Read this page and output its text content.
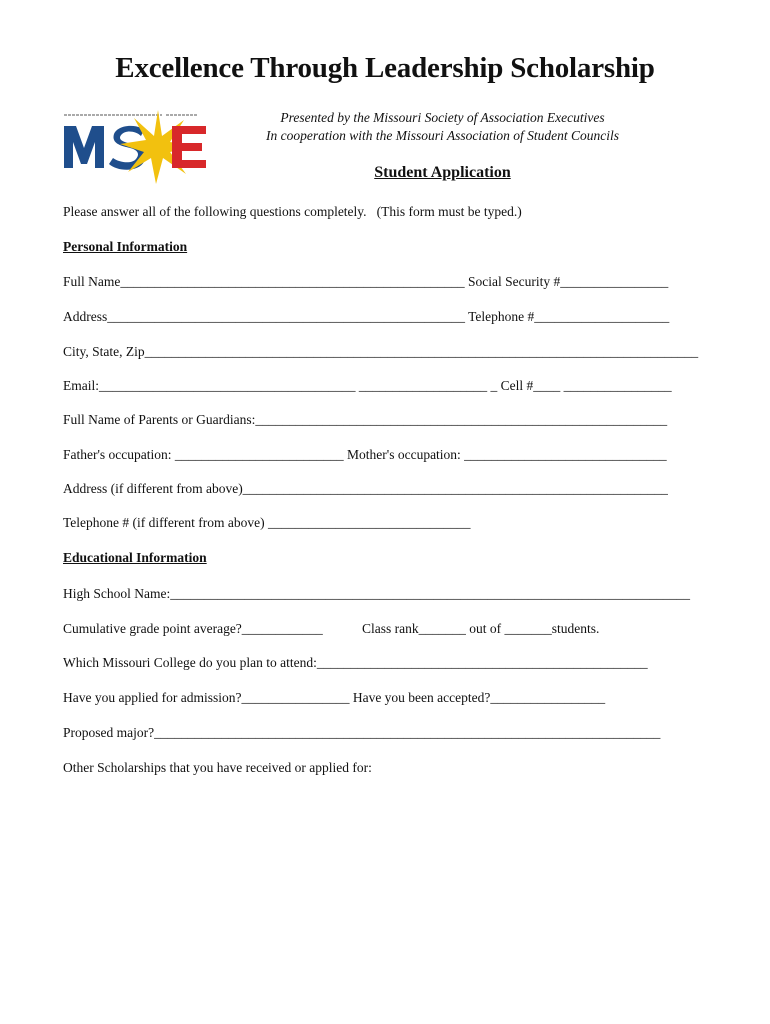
Excellence Through Leadership Scholarship
Presented by the Missouri Society of Association Executives
In cooperation with the Missouri Association of Student Councils
Student Application
Please answer all of the following questions completely.   (This form must be typed.)
Personal Information
Full Name___________________________________________________ Social Security #________________
Address_____________________________________________________ Telephone #____________________
City, State, Zip__________________________________________________________________________________
Email:______________________________________ ___________________ _ Cell #____ ________________
Full Name of Parents or Guardians:_____________________________________________________________
Father's occupation: _________________________ Mother's occupation: ______________________________
Address (if different from above)_______________________________________________________________
Telephone # (if different from above) ______________________________
Educational Information
High School Name:_____________________________________________________________________________
Cumulative grade point average?____________	Class rank_______ out of _______students.
Which Missouri College do you plan to attend:_________________________________________________
Have you applied for admission?________________ Have you been accepted?_________________
Proposed major?___________________________________________________________________________
Other Scholarships that you have received or applied for:
